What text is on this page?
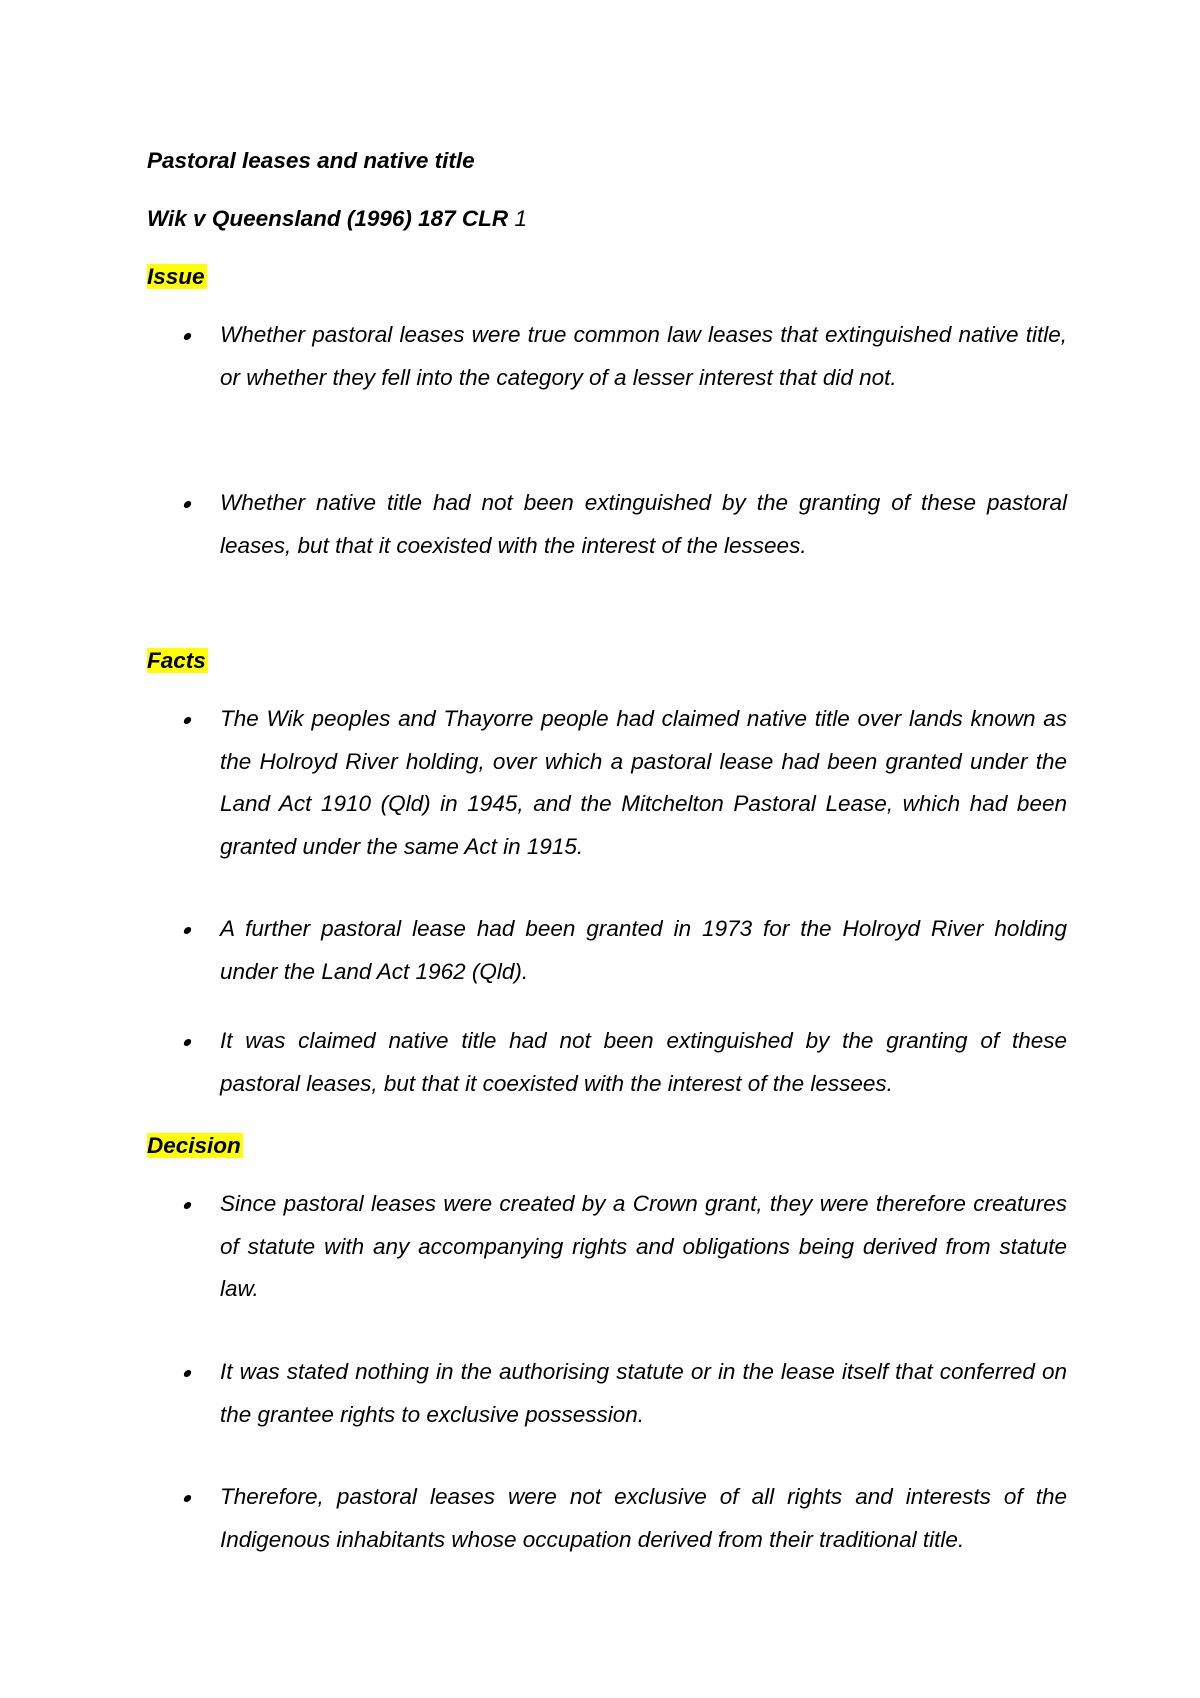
Pastoral leases and native title
Wik v Queensland (1996) 187 CLR 1
Issue
Whether pastoral leases were true common law leases that extinguished native title, or whether they fell into the category of a lesser interest that did not.
Whether native title had not been extinguished by the granting of these pastoral leases, but that it coexisted with the interest of the lessees.
Facts
The Wik peoples and Thayorre people had claimed native title over lands known as the Holroyd River holding, over which a pastoral lease had been granted under the Land Act 1910 (Qld) in 1945, and the Mitchelton Pastoral Lease, which had been granted under the same Act in 1915.
A further pastoral lease had been granted in 1973 for the Holroyd River holding under the Land Act 1962 (Qld).
It was claimed native title had not been extinguished by the granting of these pastoral leases, but that it coexisted with the interest of the lessees.
Decision
Since pastoral leases were created by a Crown grant, they were therefore creatures of statute with any accompanying rights and obligations being derived from statute law.
It was stated nothing in the authorising statute or in the lease itself that conferred on the grantee rights to exclusive possession.
Therefore, pastoral leases were not exclusive of all rights and interests of the Indigenous inhabitants whose occupation derived from their traditional title.
